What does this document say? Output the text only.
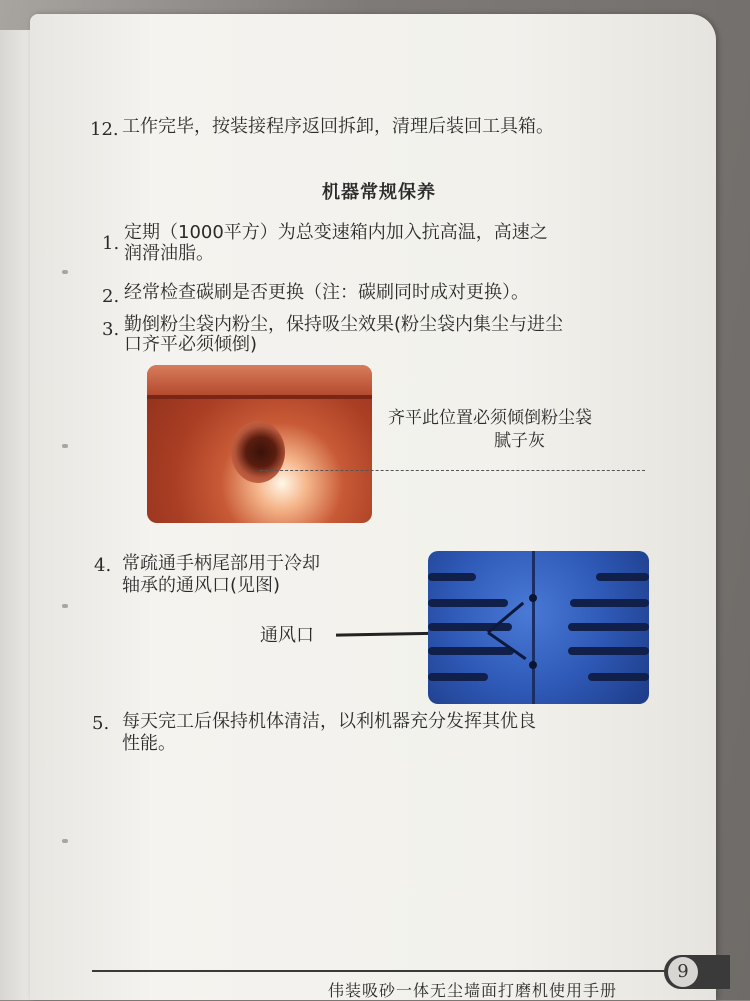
12. 工作完毕，按装接程序返回拆卸，清理后装回工具箱。
机器常规保养
1.
定期（1000平方）为总变速箱内加入抗高温，高速之
润滑油脂。
2. 经常检查碳刷是否更换（注：碳刷同时成对更换）。
3. 勤倒粉尘袋内粉尘，保持吸尘效果(粉尘袋内集尘与进尘
口齐平必须倾倒)
齐平此位置必须倾倒粉尘袋
腻子灰
4. 常疏通手柄尾部用于冷却
轴承的通风口(见图)
通风口
5. 每天完工后保持机体清洁，以利机器充分发挥其优良
性能。
9
伟装吸砂一体无尘墙面打磨机使用手册
